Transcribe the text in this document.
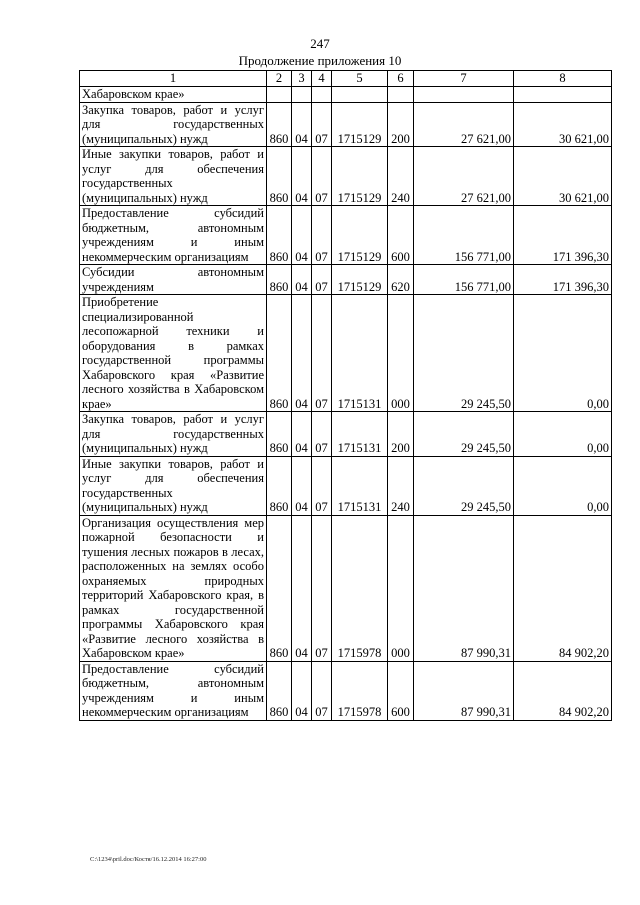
247
Продолжение приложения 10
1	2	3	4	5	6	7	8
Хабаровском крае»							
Закупка товаров, работ и услуг для государственных (муниципальных) нужд	860	04	07	1715129	200	27 621,00	30 621,00
Иные закупки товаров, работ и услуг для обеспечения государственных (муниципальных) нужд	860	04	07	1715129	240	27 621,00	30 621,00
Предоставление субсидий бюджетным, автономным учреждениям и иным некоммерческим организациям	860	04	07	1715129	600	156 771,00	171 396,30
Субсидии автономным учреждениям	860	04	07	1715129	620	156 771,00	171 396,30
Приобретение специализированной лесопожарной техники и оборудования в рамках государственной программы Хабаровского края «Развитие лесного хозяйства в Хабаровском крае»	860	04	07	1715131	000	29 245,50	0,00
Закупка товаров, работ и услуг для государственных (муниципальных) нужд	860	04	07	1715131	200	29 245,50	0,00
Иные закупки товаров, работ и услуг для обеспечения государственных (муниципальных) нужд	860	04	07	1715131	240	29 245,50	0,00
Организация осуществления мер пожарной безопасности и тушения лесных пожаров в лесах, расположенных на землях особо охраняемых природных территорий Хабаровского края, в рамках государственной программы Хабаровского края «Развитие лесного хозяйства в Хабаровском крае»	860	04	07	1715978	000	87 990,31	84 902,20
Предоставление субсидий бюджетным, автономным учреждениям и иным некоммерческим организациям	860	04	07	1715978	600	87 990,31	84 902,20
C:\1234\pril.doc/Костя/16.12.2014 16:27:00
